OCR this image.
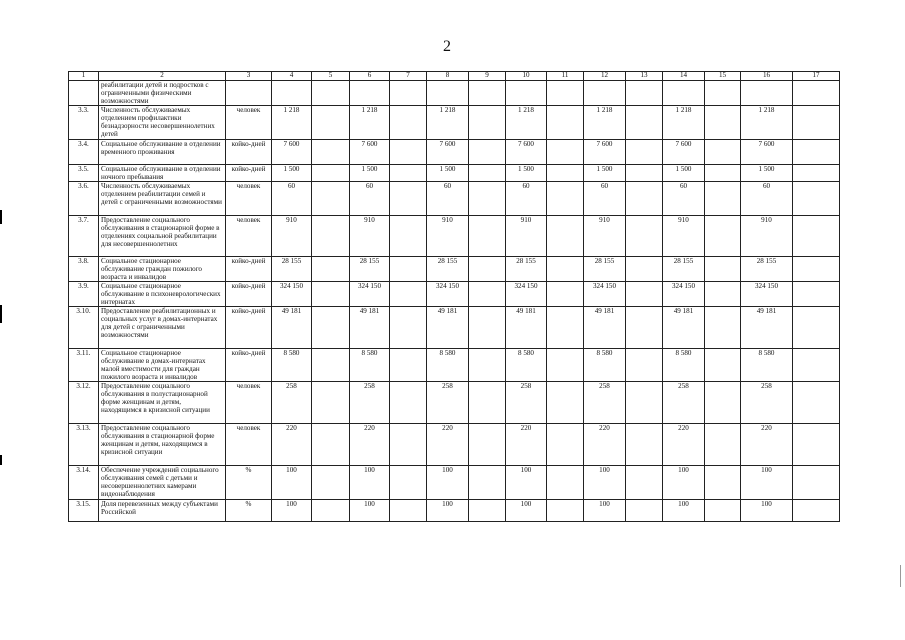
2
1	2	3	4	5	6	7	8	9	10	11	12	13	14	15	16	17
	реабилитации детей и подростков с ограниченными физическими возможностями															
3.3.	Численность обслуживаемых отделением профилактики безнадзорности несовершеннолетних детей	человек	1 218		1 218		1 218		1 218		1 218		1 218		1 218	
3.4.	Социальное обслуживание в отделении временного проживания	койко-дней	7 600		7 600		7 600		7 600		7 600		7 600		7 600	
3.5.	Социальное обслуживание в отделении ночного пребывания	койко-дней	1 500		1 500		1 500		1 500		1 500		1 500		1 500	
3.6.	Численность обслуживаемых отделением реабилитации семей и детей с ограниченными возможностями	человек	60		60		60		60		60		60		60	
3.7.	Предоставление социального обслуживания в стационарной форме в отделениях социальной реабилитации для несовершеннолетних	человек	910		910		910		910		910		910		910	
3.8.	Социальное стационарное обслуживание граждан пожилого возраста и инвалидов	койко-дней	28 155		28 155		28 155		28 155		28 155		28 155		28 155	
3.9.	Социальное стационарное обслуживание в психоневрологических интернатах	койко-дней	324 150		324 150		324 150		324 150		324 150		324 150		324 150	
3.10.	Предоставление реабилитационных и социальных услуг в домах-интернатах для детей с ограниченными возможностями	койко-дней	49 181		49 181		49 181		49 181		49 181		49 181		49 181	
3.11.	Социальное стационарное обслуживание в домах-интернатах малой вместимости для граждан пожилого возраста и инвалидов	койко-дней	8 580		8 580		8 580		8 580		8 580		8 580		8 580	
3.12.	Предоставление социального обслуживания в полустационарной форме женщинам и детям, находящимся в кризисной ситуации	человек	258		258		258		258		258		258		258	
3.13.	Предоставление социального обслуживания в стационарной форме женщинам и детям, находящимся в кризисной ситуации	человек	220		220		220		220		220		220		220	
3.14.	Обеспечение учреждений социального обслуживания семей с детьми и несовершеннолетних камерами видеонаблюдения	%	100		100		100		100		100		100		100	
3.15.	Доля перевезенных между субъектами Российской	%	100		100		100		100		100		100		100	
